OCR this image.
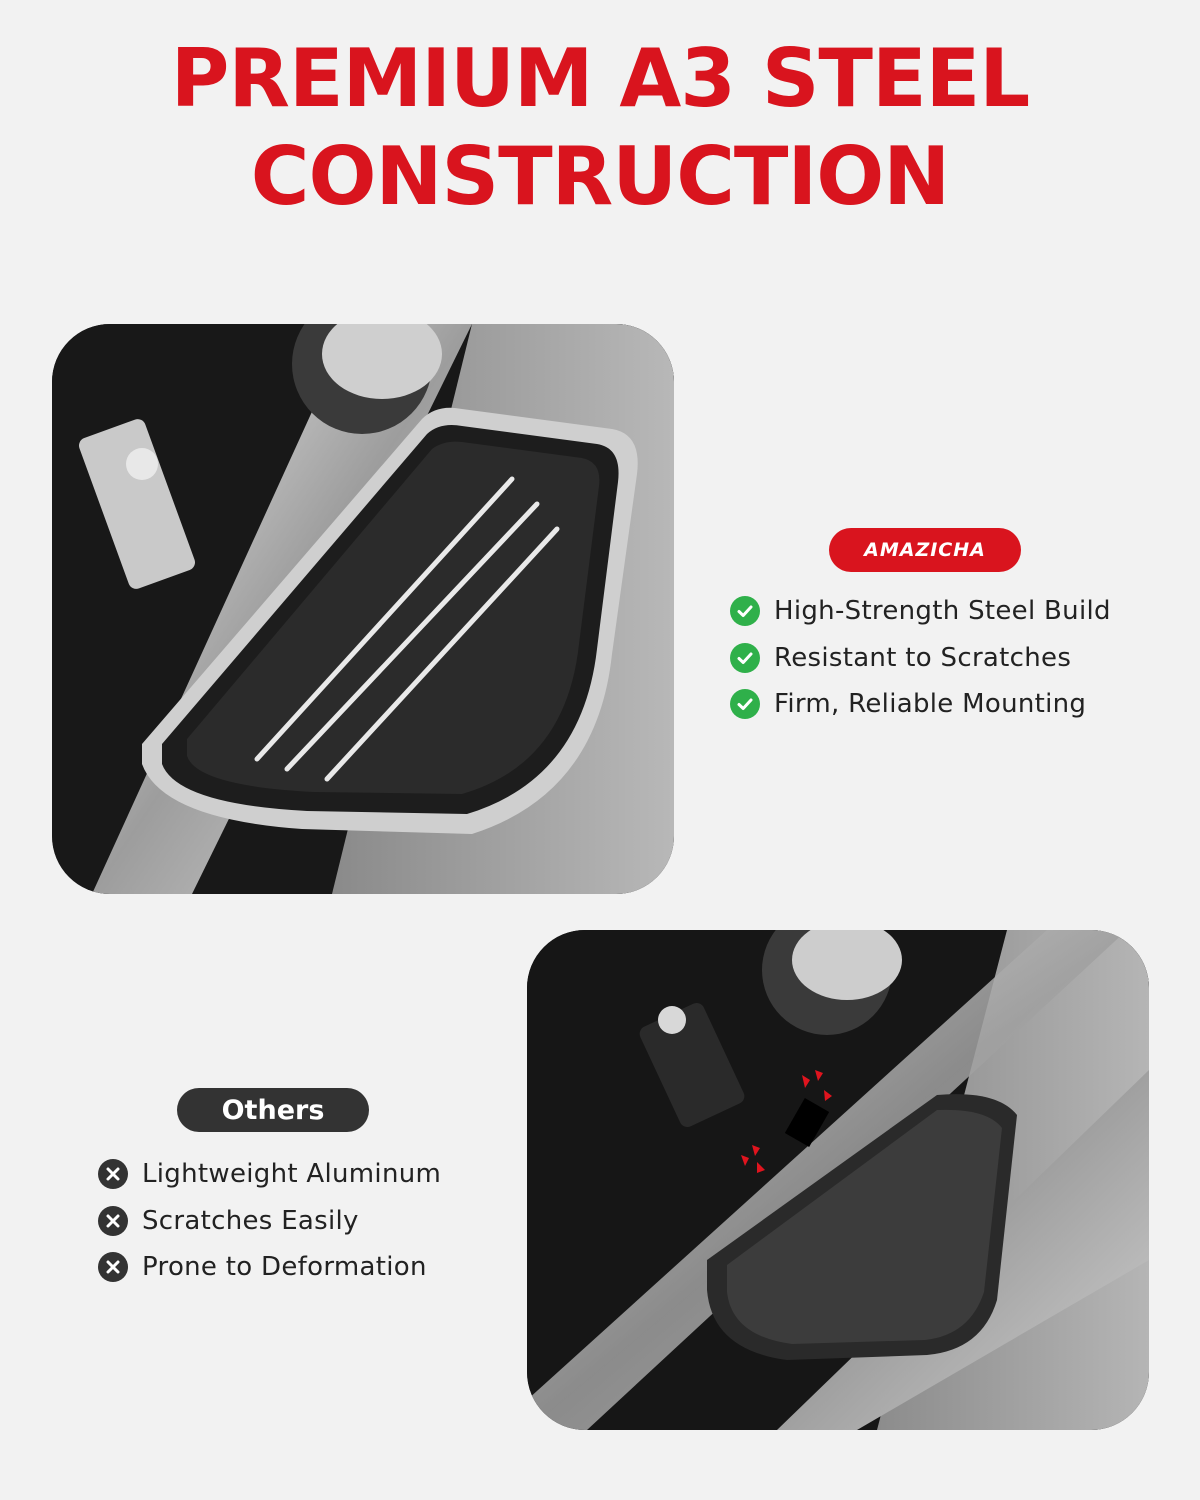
PREMIUM A3 STEEL
CONSTRUCTION
AMAZICHA
High-Strength Steel Build
Resistant to Scratches
Firm, Reliable Mounting
Others
Lightweight Aluminum
Scratches Easily
Prone to Deformation
